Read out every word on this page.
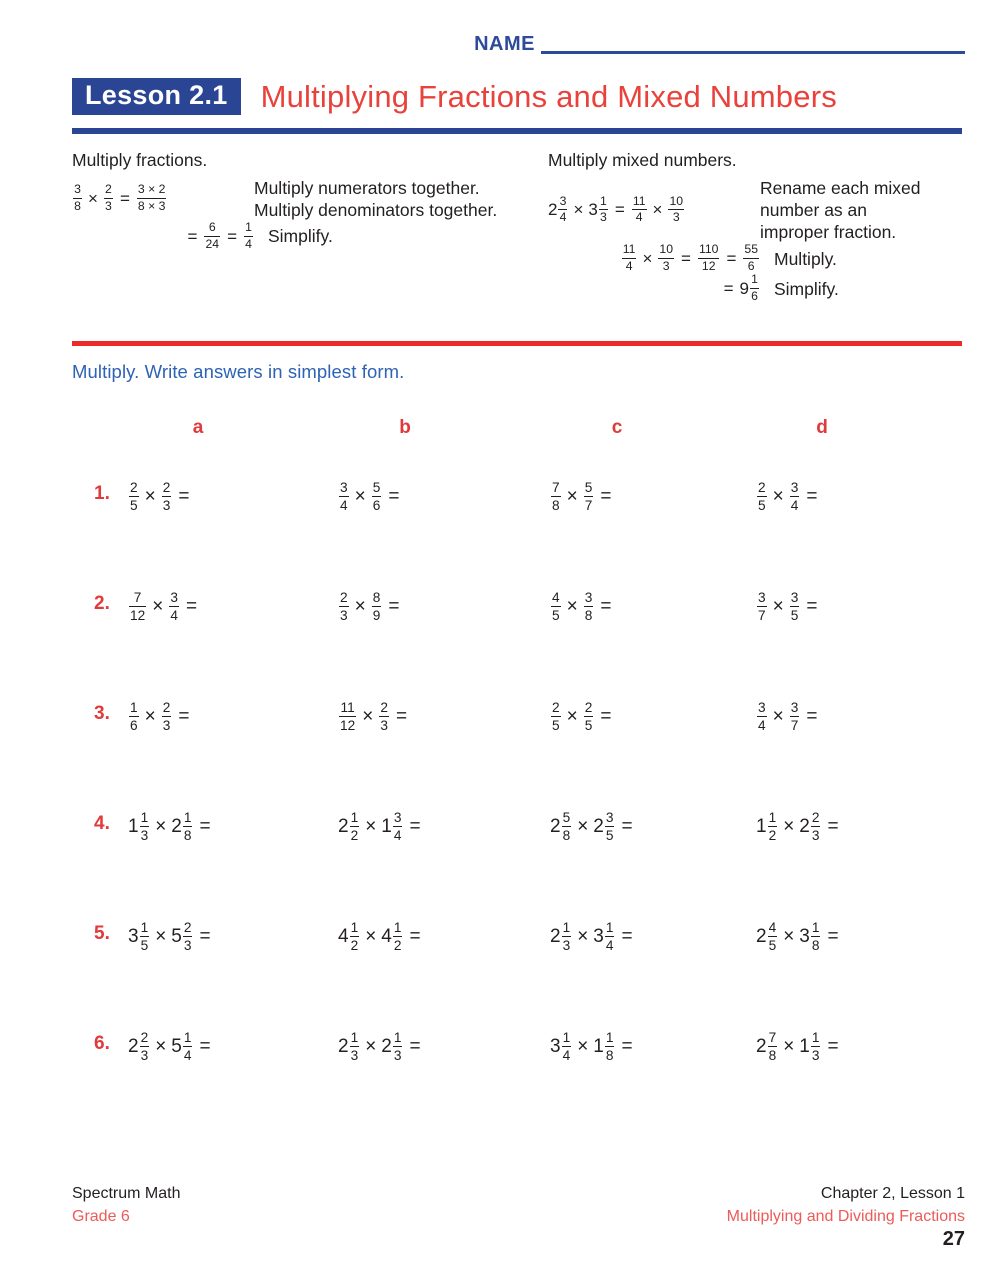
NAME
Lesson 2.1	Multiplying Fractions and Mixed Numbers
Multiply fractions.
$\frac{3}{8} \times \frac{2}{3} = \frac{3 \times 2}{8 \times 3}$	Multiply numerators together.
Multiply denominators together.
= $\frac{6}{24} = \frac{1}{4}$ Simplify.
Multiply mixed numbers.
$2 \frac{3}{4} \times 3 \frac{1}{3} = \frac{11}{4} \times \frac{10}{3}$
Rename each mixed
number as an
improper fraction.
$\frac{11}{4} \times \frac{10}{3} = \frac{110}{12} = \frac{55}{6}$ Multiply.
= $9 \frac{1}{6}$ Simplify.
Multiply. Write answers in simplest form.
a	b	c	d
1. $\frac{2}{5} \times \frac{2}{3}$ =	$\frac{3}{4} \times \frac{5}{6}$ =	$\frac{7}{8} \times \frac{5}{7}$ =	$\frac{2}{5} \times \frac{3}{4}$ =
2. $\frac{7}{12} \times \frac{3}{4}$ =	$\frac{2}{3} \times \frac{8}{9}$ =	$\frac{4}{5} \times \frac{3}{8}$ =	$\frac{3}{7} \times \frac{3}{5}$ =
3. $\frac{1}{6} \times \frac{2}{3}$ =	$\frac{11}{12} \times \frac{2}{3}$ =	$\frac{2}{5} \times \frac{2}{5}$ =	$\frac{3}{4} \times \frac{3}{7}$ =
4. $1 \frac{1}{3} \times 2 \frac{1}{8}$ =	$2 \frac{1}{2} \times 1 \frac{3}{4}$ =	$2 \frac{5}{8} \times 2 \frac{3}{5}$ =	$1 \frac{1}{2} \times 2 \frac{2}{3}$ =
5. $3 \frac{1}{5} \times 5 \frac{2}{3}$ =	$4 \frac{1}{2} \times 4 \frac{1}{2}$ =	$2 \frac{1}{3} \times 3 \frac{1}{4}$ =	$2 \frac{4}{5} \times 3 \frac{1}{8}$ =
6. $2 \frac{2}{3} \times 5 \frac{1}{4}$ =	$2 \frac{1}{3} \times 2 \frac{1}{3}$ =	$3 \frac{1}{4} \times 1 \frac{1}{8}$ =	$2 \frac{7}{8} \times 1 \frac{1}{3}$ =
Spectrum Math
Grade 6
Chapter 2, Lesson 1
Multiplying and Dividing Fractions
27
